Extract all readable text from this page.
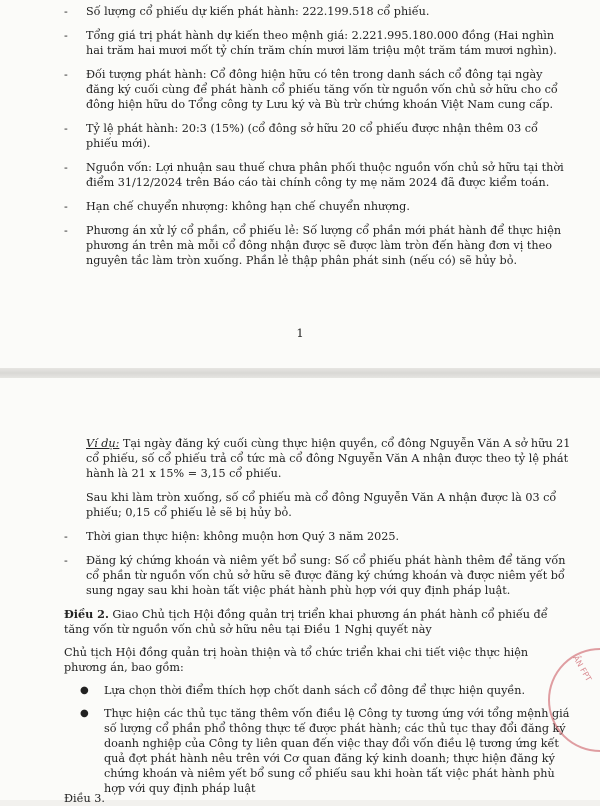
- Số lượng cổ phiếu dự kiến phát hành: 222.199.518 cổ phiếu.
- Tổng giá trị phát hành dự kiến theo mệnh giá: 2.221.995.180.000 đồng (Hai nghìn hai trăm hai mươi mốt tỷ chín trăm chín mươi lăm triệu một trăm tám mươi nghìn).
- Đối tượng phát hành: Cổ đông hiện hữu có tên trong danh sách cổ đông tại ngày đăng ký cuối cùng để phát hành cổ phiếu tăng vốn từ nguồn vốn chủ sở hữu cho cổ đông hiện hữu do Tổng công ty Lưu ký và Bù trừ chứng khoán Việt Nam cung cấp.
- Tỷ lệ phát hành: 20:3 (15%) (cổ đông sở hữu 20 cổ phiếu được nhận thêm 03 cổ phiếu mới).
- Nguồn vốn: Lợi nhuận sau thuế chưa phân phối thuộc nguồn vốn chủ sở hữu tại thời điểm 31/12/2024 trên Báo cáo tài chính công ty mẹ năm 2024 đã được kiểm toán.
- Hạn chế chuyển nhượng: không hạn chế chuyển nhượng.
- Phương án xử lý cổ phần, cổ phiếu lẻ: Số lượng cổ phần mới phát hành để thực hiện phương án trên mà mỗi cổ đông nhận được sẽ được làm tròn đến hàng đơn vị theo nguyên tắc làm tròn xuống. Phần lẻ thập phân phát sinh (nếu có) sẽ hủy bỏ.
1
Ví dụ: Tại ngày đăng ký cuối cùng thực hiện quyền, cổ đông Nguyễn Văn A sở hữu 21 cổ phiếu, số cổ phiếu trả cổ tức mà cổ đông Nguyễn Văn A nhận được theo tỷ lệ phát hành là 21 x 15% = 3,15 cổ phiếu.
Sau khi làm tròn xuống, số cổ phiếu mà cổ đông Nguyễn Văn A nhận được là 03 cổ phiếu; 0,15 cổ phiếu lẻ sẽ bị hủy bỏ.
- Thời gian thực hiện: không muộn hơn Quý 3 năm 2025.
- Đăng ký chứng khoán và niêm yết bổ sung: Số cổ phiếu phát hành thêm để tăng vốn cổ phần từ nguồn vốn chủ sở hữu sẽ được đăng ký chứng khoán và được niêm yết bổ sung ngay sau khi hoàn tất việc phát hành phù hợp với quy định pháp luật.
Điều 2. Giao Chủ tịch Hội đồng quản trị triển khai phương án phát hành cổ phiếu để tăng vốn từ nguồn vốn chủ sở hữu nêu tại Điều 1 Nghị quyết này
Chủ tịch Hội đồng quản trị hoàn thiện và tổ chức triển khai chi tiết việc thực hiện phương án, bao gồm:
● Lựa chọn thời điểm thích hợp chốt danh sách cổ đông để thực hiện quyền.
● Thực hiện các thủ tục tăng thêm vốn điều lệ Công ty tương ứng với tổng mệnh giá số lượng cổ phần phổ thông thực tế được phát hành; các thủ tục thay đổi đăng ký doanh nghiệp của Công ty liên quan đến việc thay đổi vốn điều lệ tương ứng kết quả đợt phát hành nêu trên với Cơ quan đăng ký kinh doanh; thực hiện đăng ký chứng khoán và niêm yết bổ sung cổ phiếu sau khi hoàn tất việc phát hành phù hợp với quy định pháp luật
ẦN FPT
Điều 3.
